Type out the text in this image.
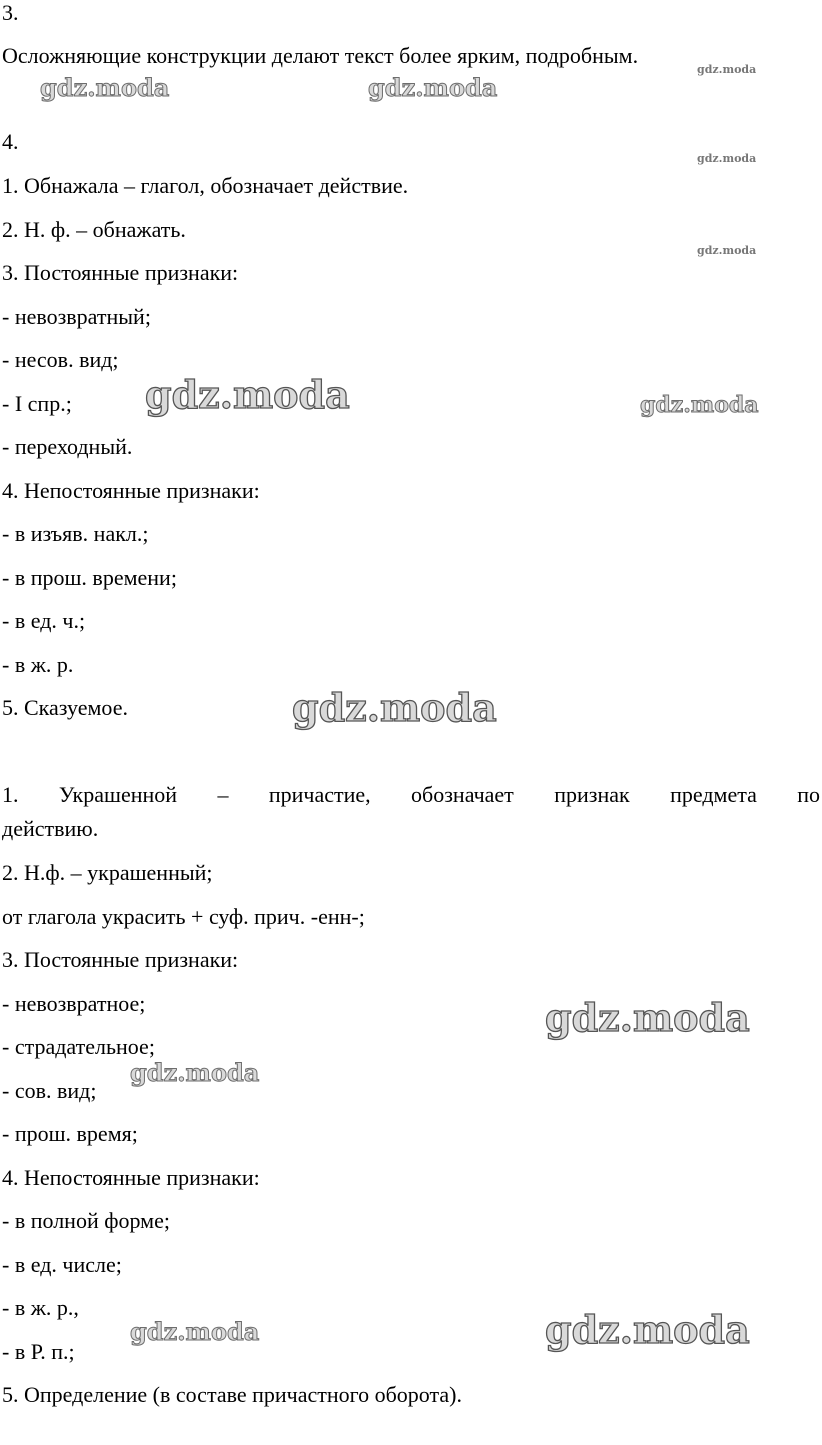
3.
Осложняющие конструкции делают текст более ярким, подробным.
4.
1. Обнажала – глагол, обозначает действие.
2. Н. ф. – обнажать.
3. Постоянные признаки:
- невозвратный;
- несов. вид;
- I спр.;
- переходный.
4. Непостоянные признаки:
- в изъяв. накл.;
- в прош. времени;
- в ед. ч.;
- в ж. р.
5. Сказуемое.
1. Украшенной – причастие, обозначает признак предмета по
действию.
2. Н.ф. – украшенный;
от глагола украсить + суф. прич. -енн-;
3. Постоянные признаки:
- невозвратное;
- страдательное;
- сов. вид;
- прош. время;
4. Непостоянные признаки:
- в полной форме;
- в ед. числе;
- в ж. р.,
- в Р. п.;
5. Определение (в составе причастного оборота).
gdz.moda
gdz.moda	gdz.moda
gdz.moda
gdz.moda
gdz.moda	gdz.moda
gdz.moda
gdz.moda
gdz.moda
gdz.moda	gdz.moda
